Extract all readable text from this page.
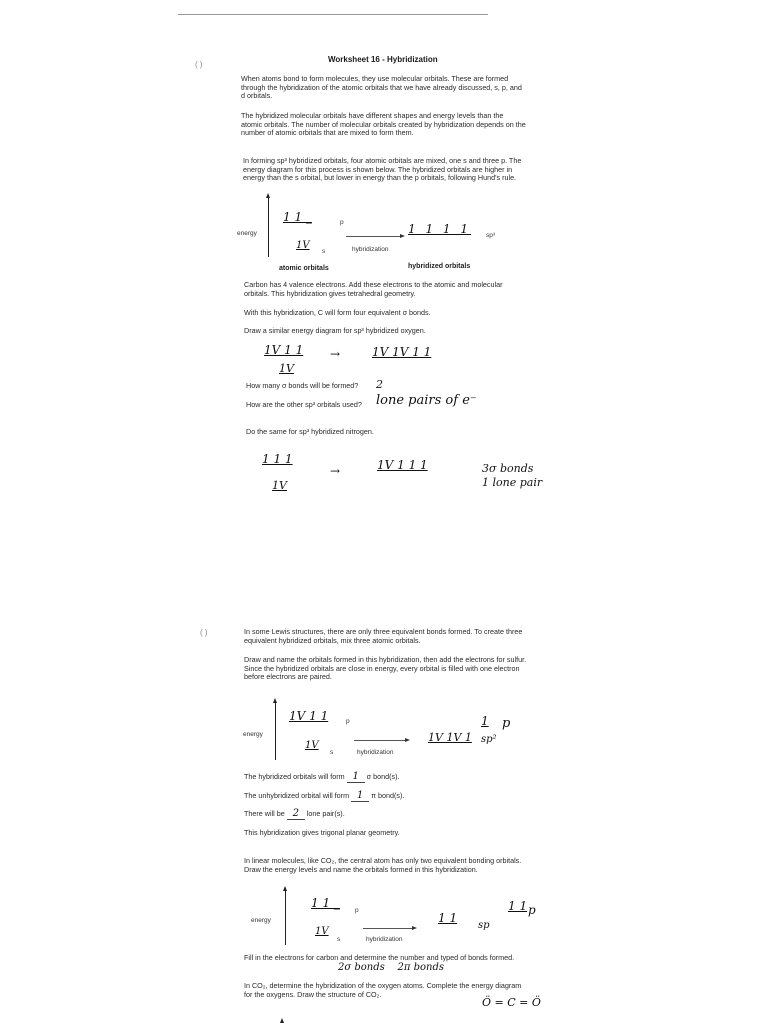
Worksheet 16 - Hybridization
( )
When atoms bond to form molecules, they use molecular orbitals. These are formed through the hybridization of the atomic orbitals that we have already discussed, s, p, and d orbitals.
The hybridized molecular orbitals have different shapes and energy levels than the atomic orbitals. The number of molecular orbitals created by hybridization depends on the number of atomic orbitals that are mixed to form them.
In forming sp³ hybridized orbitals, four atomic orbitals are mixed, one s and three p. The energy diagram for this process is shown below. The hybridized orbitals are higher in energy than the s orbital, but lower in energy than the p orbitals, following Hund's rule.
energy
1 1 _	p
1V
s	hybridization
1 1 1 1 sp³
atomic orbitals	hybridized orbitals
Carbon has 4 valence electrons. Add these electrons to the atomic and molecular orbitals. This hybridization gives tetrahedral geometry.
With this hybridization, C will form four equivalent σ bonds.
Draw a similar energy diagram for sp³ hybridized oxygen.
1V 1 1 →	1V 1V 1 1
1V
How many σ bonds will be formed?	2
How are the other sp³ orbitals used?	lone pairs of e⁻
Do the same for sp³ hybridized nitrogen.
1 1 1
→	1V 1 1 1
1V
3σ bonds
1 lone pair
( )	In some Lewis structures, there are only three equivalent bonds formed. To create three equivalent hybridized orbitals, mix three atomic orbitals.
Draw and name the orbitals formed in this hybridization, then add the electrons for sulfur. Since the hybridized orbitals are close in energy, every orbital is filled with one electron before electrons are paired.
energy
1V 1 1	p
1V
s	hybridization
1V 1V 1 sp²
1 p
The hybridized orbitals will form 1 σ bond(s).
The unhybridized orbital will form 1 π bond(s).
There will be 2 lone pair(s).
This hybridization gives trigonal planar geometry.
In linear molecules, like CO₂, the central atom has only two equivalent bonding orbitals. Draw the energy levels and name the orbitals formed in this hybridization.
energy
1 1 _
p
1V
s	hybridization
1 1
sp
1 1 p
Fill in the electrons for carbon and determine the number and typed of bonds formed.
2σ bonds    2π bonds
In CO₂, determine the hybridization of the oxygen atoms. Complete the energy diagram for the oxygens. Draw the structure of CO₂.
Ö = C = Ö
